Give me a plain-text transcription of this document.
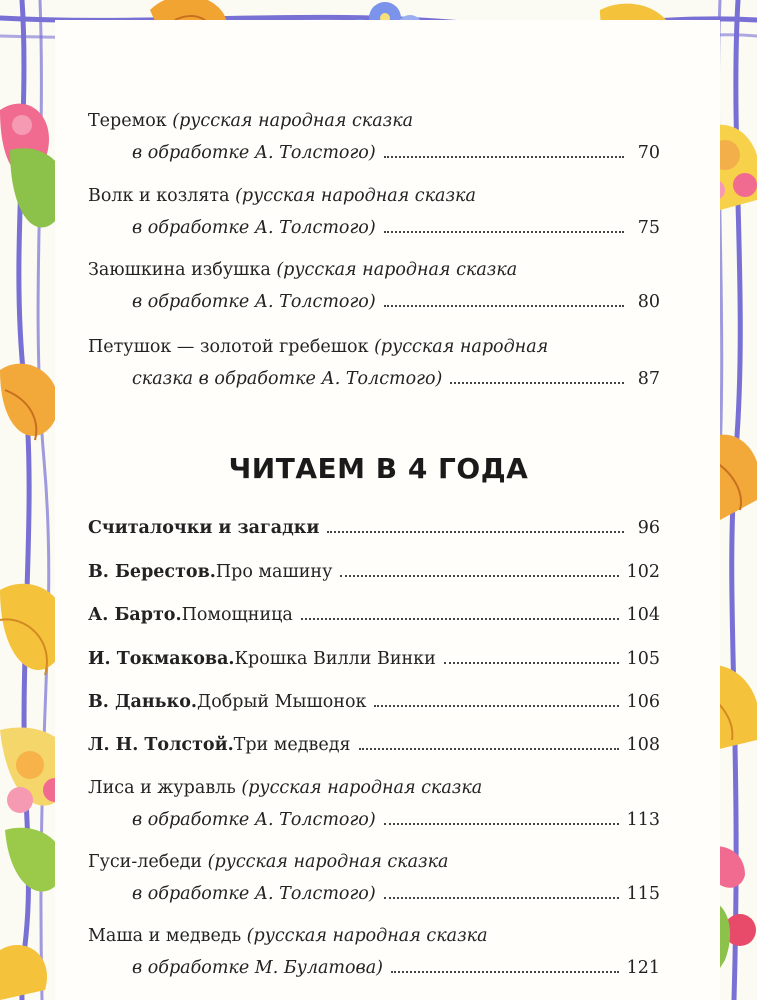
Теремок (русская народная сказка
в обработке А. Толстого)	70
Волк и козлята (русская народная сказка
в обработке А. Толстого)	75
Заюшкина избушка (русская народная сказка
в обработке А. Толстого)	80
Петушок — золотой гребешок (русская народная
сказка в обработке А. Толстого)	87
ЧИТАЕМ В 4 ГОДА
Считалочки и загадки	96
В. Берестов. Про машину	102
А. Барто. Помощница	104
И. Токмакова. Крошка Вилли Винки	105
В. Данько. Добрый Мышонок	106
Л. Н. Толстой. Три медведя	108
Лиса и журавль (русская народная сказка
в обработке А. Толстого)	113
Гуси-лебеди (русская народная сказка
в обработке А. Толстого)	115
Маша и медведь (русская народная сказка
в обработке М. Булатова)	121
